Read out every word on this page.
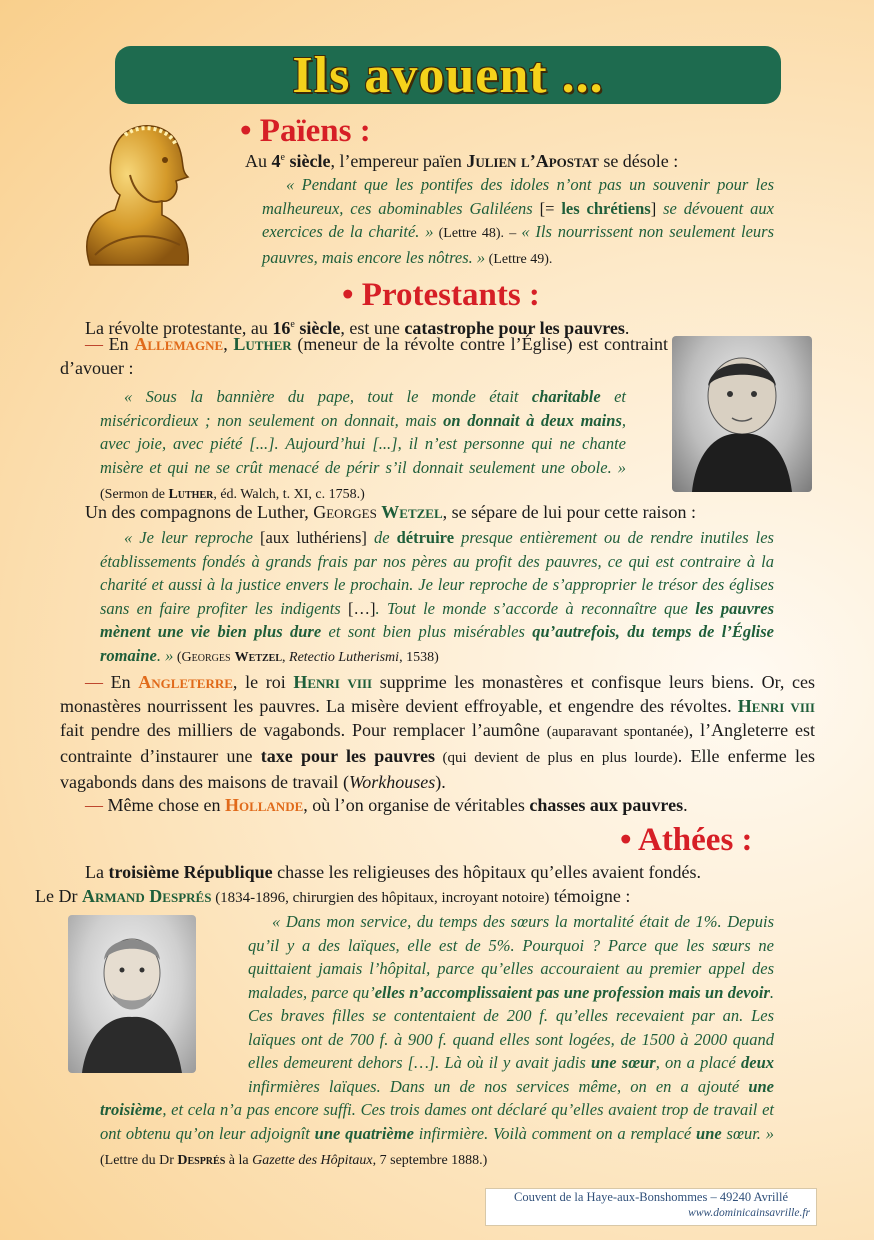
Ils avouent ...
• Païens :

Au 4e siècle, l’empereur païen Julien l’Apostat se désole :

« Pendant que les pontifes des idoles n’ont pas un souvenir pour les malheureux, ces abominables Galiléens [= les chrétiens] se dévouent aux exercices de la charité. » (Lettre 48). – « Ils nourrissent non seulement leurs pauvres, mais encore les nôtres. » (Lettre 49).

• Protestants :

La révolte protestante, au 16e siècle, est une catastrophe pour les pauvres.

— En Allemagne, Luther (meneur de la révolte contre l’Église) est contraint d’avouer :

« Sous la bannière du pape, tout le monde était charitable et miséricordieux ; non seulement on donnait, mais on donnait à deux mains, avec joie, avec piété [...]. Aujourd’hui [...], il n’est personne qui ne chante misère et qui ne se crût menacé de périr s’il donnait seulement une obole. » (Sermon de Luther, éd. Walch, t. XI, c. 1758.)

Un des compagnons de Luther, Georges Wetzel, se sépare de lui pour cette raison :

« Je leur reproche [aux luthériens] de détruire presque entièrement ou de rendre inutiles les établissements fondés à grands frais par nos pères au profit des pauvres, ce qui est contraire à la charité et aussi à la justice envers le prochain. Je leur reproche de s’approprier le trésor des églises sans en faire profiter les indigents […]. Tout le monde s’accorde à reconnaître que les pauvres mènent une vie bien plus dure et sont bien plus misérables qu’autrefois, du temps de l’Église romaine. » (Georges Wetzel, Retectio Lutherismi, 1538)

— En Angleterre, le roi Henri viii supprime les monastères et confisque leurs biens. Or, ces monastères nourrissent les pauvres. La misère devient effroyable, et engendre des révoltes. Henri viii fait pendre des milliers de vagabonds. Pour remplacer l’aumône (auparavant spontanée), l’Angleterre est contrainte d’instaurer une taxe pour les pauvres (qui devient de plus en plus lourde). Elle enferme les vagabonds dans des maisons de travail (Workhouses).

— Même chose en Hollande, où l’on organise de véritables chasses aux pauvres.

• Athées :

La troisième République chasse les religieuses des hôpitaux qu’elles avaient fondés.
Le Dr Armand Després (1834-1896, chirurgien des hôpitaux, incroyant notoire) témoigne :

« Dans mon service, du temps des sœurs la mortalité était de 1%. Depuis qu’il y a des laïques, elle est de 5%. Pourquoi ? Parce que les sœurs ne quittaient jamais l’hôpital, parce qu’elles accouraient au premier appel des malades, parce qu’elles n’accomplissaient pas une profession mais un devoir. Ces braves filles se contentaient de 200 f. qu’elles recevaient par an. Les laïques ont de 700 f. à 900 f. quand elles sont logées, de 1500 à 2000 quand elles demeurent dehors […]. Là où il y avait jadis une sœur, on a placé deux infirmières laïques. Dans un de nos services même, on en a ajouté une troisième, et cela n’a pas encore suffi. Ces trois dames ont déclaré qu’elles avaient trop de travail et ont obtenu qu’on leur adjoignît une quatrième infirmière. Voilà comment on a remplacé une sœur. » (Lettre du Dr Després à la Gazette des Hôpitaux, 7 septembre 1888.)

Couvent de la Haye-aux-Bonshommes – 49240 Avrillé
www.dominicainsavrille.fr
